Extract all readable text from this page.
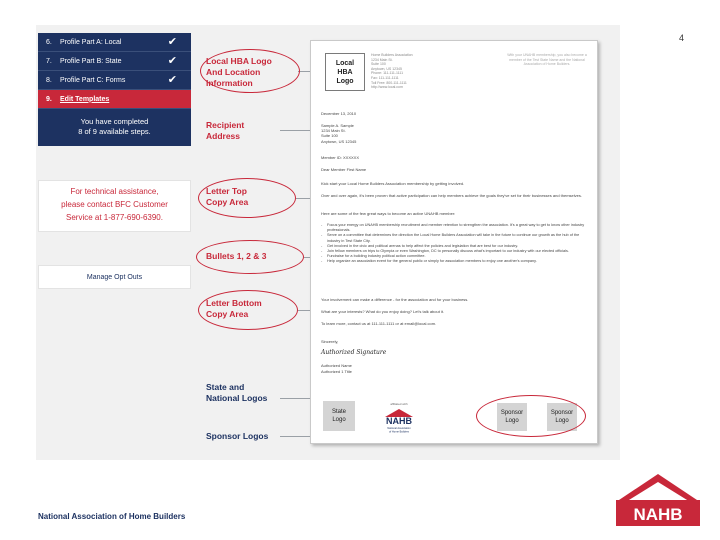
4
6.	Profile Part A: Local	✔
7.	Profile Part B: State	✔
8.	Profile Part C: Forms	✔
9.	Edit Templates
You have completed
8 of 9 available steps.
For technical assistance,
please contact BFC Customer
Service at 1-877-690-6390.
Manage Opt Outs
Local HBA Logo
And Location
Information
Recipient
Address
Letter Top
Copy Area
Bullets 1, 2 & 3
Letter Bottom
Copy Area
State and
National Logos
Sponsor Logos
Local
HBA
Logo
Home Builders Association
1234 Main St.
Suite 100
Anytown, US 12345
Phone: 111-111-1111
Fax: 111-111-1111
Toll Free: 800-111-1111
http://www.local.com
With your UNAHB membership, you also become a member of the Test State Name and the National Association of Home Builders.
December 13, 2010
Sample A. Sample
1234 Main St.
Suite 100
Anytown, US 12345
Member ID: XXXXXX
Dear Member First Name
Kick start your Local Home Builders Association membership by getting involved.
Over and over again, it's been proven that active participation can help members achieve the goals they've set for their businesses and themselves.
Here are some of the few great ways to become an active UNAHB member:
- Focus your energy on UNAHB membership recruitment and member retention to strengthen the association. It's a great way to get to know other industry professionals.
- Serve on a committee that determines the direction the Local Home Builders Association will take in the future to continue our growth as the hub of the industry in Test State City.
- Get involved in the civic and political arenas to help affect the policies and legislation that are best for our industry.
- Join fellow members on trips to Olympia or even Washington, DC to personally discuss what's important to our industry with our elected officials.
- Fundraise for a building industry political action committee.
- Help organize an association event for the general public or simply for association members to enjoy one another's company.
Your involvement can make a difference - for the association and for your business.
What are your interests? What do you enjoy doing? Let's talk about it.
To learn more, contact us at 111-111-1111 or at email@local.com.
Sincerely,
Authorized Signature
Authorized Name
Authorized 1 Title
State
Logo
affiliated with
NAHB
National Association
of Home Builders
Sponsor
Logo
Sponsor
Logo
National Association of Home Builders	NAHB
